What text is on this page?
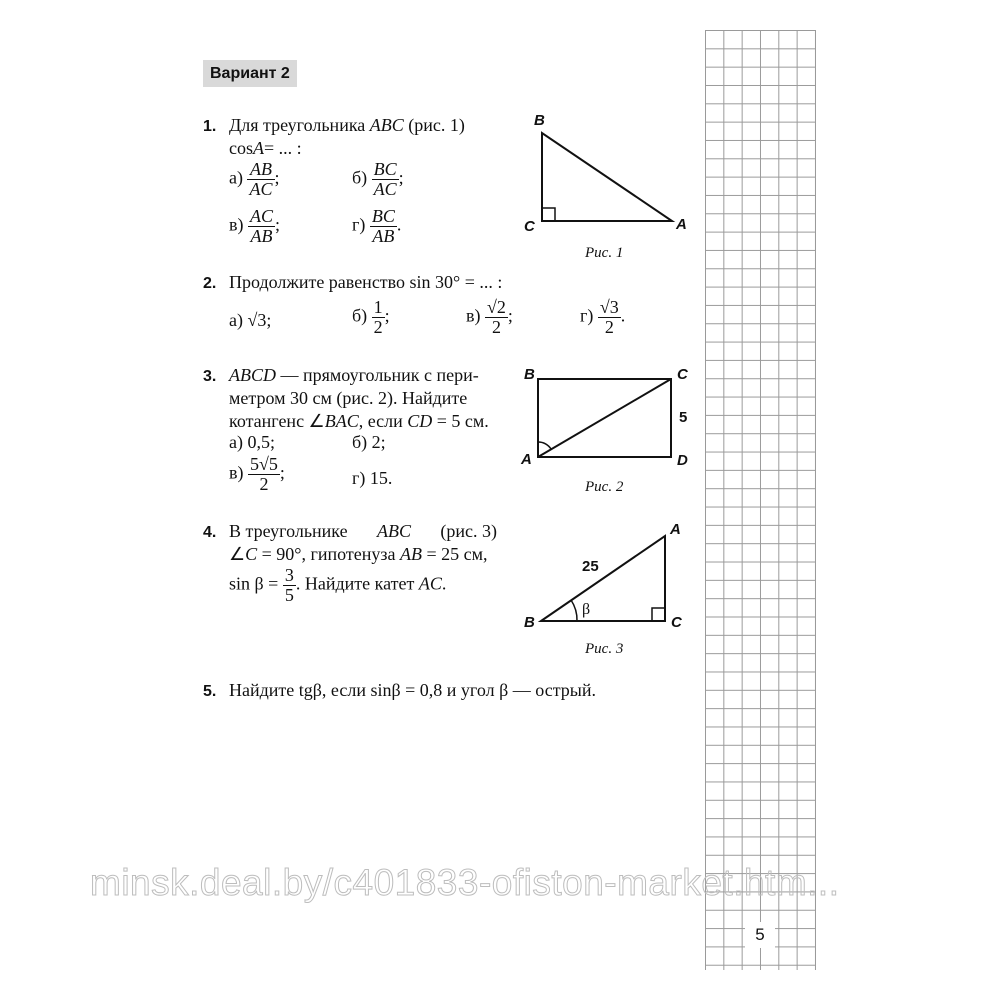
5
Вариант 2
1. Для треугольника ABC (рис. 1)
cosA= ... :
$а) \frac{AB}{AC}$ ;	$б) \frac{BC}{AC}$ ;
$в) \frac{AC}{AB}$ ;	$г) \frac{BC}{AB}$ .
B
C	A
Рис. 1
2. Продолжите равенство sin 30° = ... :
а) √3;	$б) \frac{1}{2}$ ;	$в) \frac{√2}{2}$ ;	$г) \frac{√3}{2}$ .
3. ABCD — прямоугольник с пери-
метром 30 см (рис. 2). Найдите
котангенс ∠BAC, если CD = 5 см.
а) 0,5;	б) 2;
$в) \frac{5√5}{2}$ ;	г) 15.
B	C
A	D
5
Рис. 2
4. В треугольнике ABC (рис. 3)
∠C = 90°, гипотенуза AB = 25 см,
$\sin \beta = \frac{3}{5}$ . Найдите катет AC.
A
B	C
25
β
Рис. 3
5. Найдите tgβ, если sinβ = 0,8 и угол β — острый.
minsk.deal.by/c401833-ofiston-market.htm...
